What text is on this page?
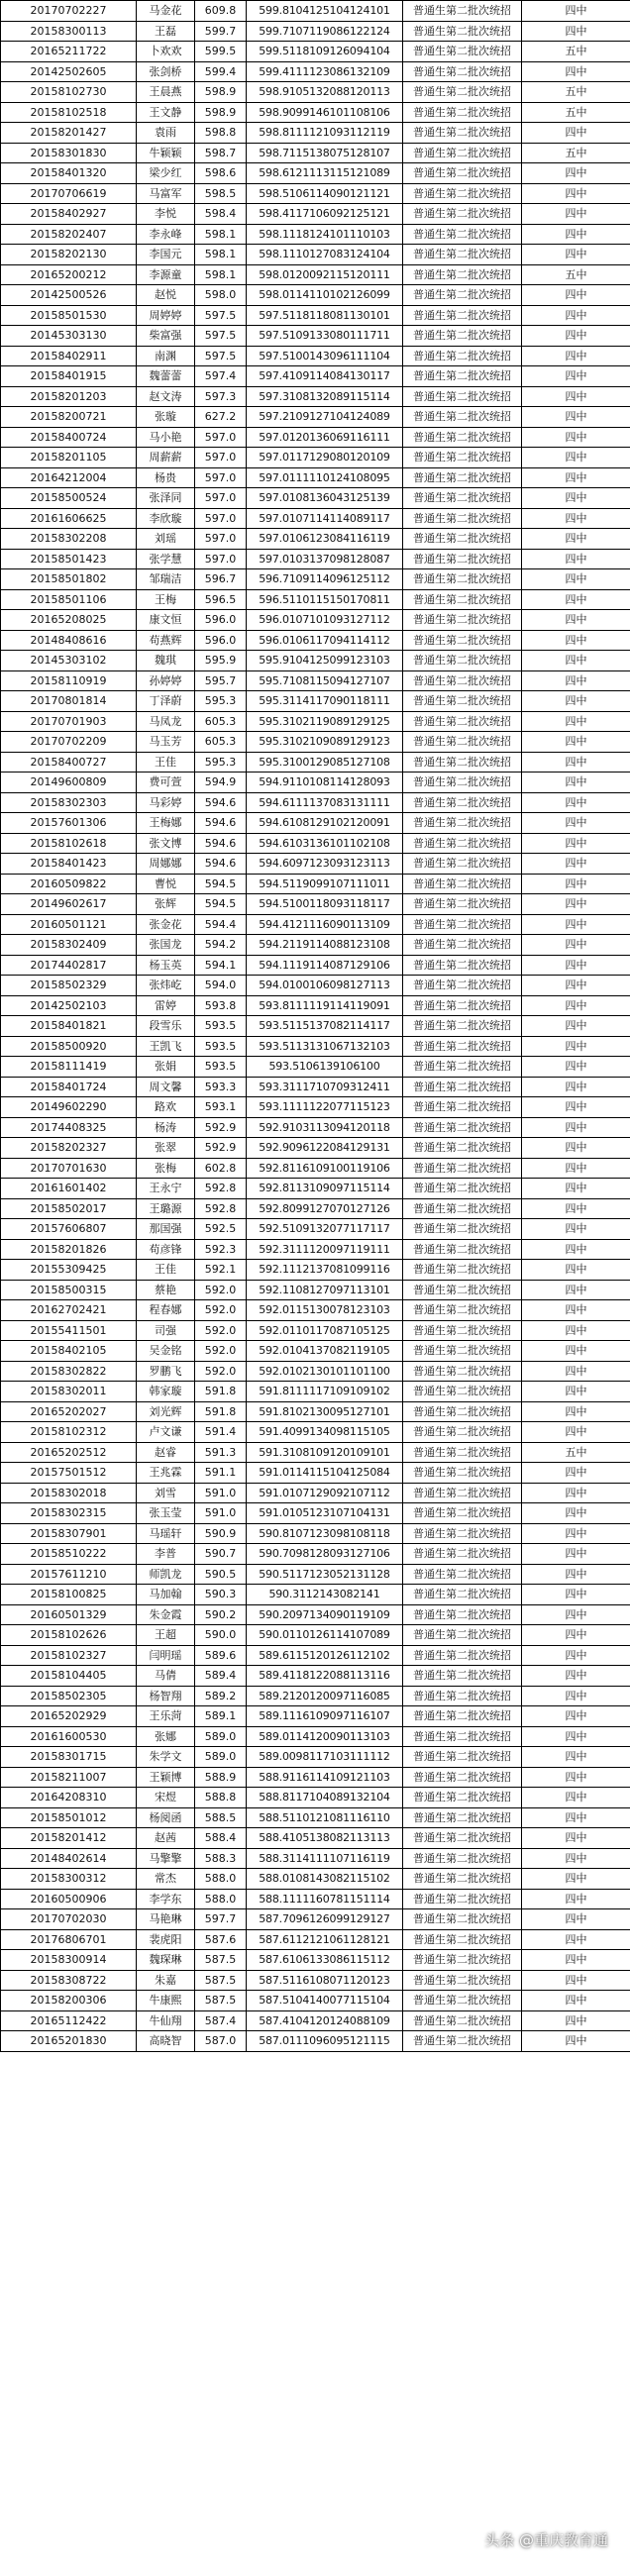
20170702227	马金花	609.8	599.8104125104124101	普通生第二批次统招	四中
20158300113	王磊	599.7	599.7107119086122124	普通生第二批次统招	四中
20165211722	卜欢欢	599.5	599.5118109126094104	普通生第二批次统招	五中
20142502605	张剑桥	599.4	599.4111123086132109	普通生第二批次统招	四中
20158102730	王晨燕	598.9	598.9105132088120113	普通生第二批次统招	五中
20158102518	王文静	598.9	598.9099146101108106	普通生第二批次统招	五中
20158201427	袁雨	598.8	598.8111121093112119	普通生第二批次统招	四中
20158301830	牛颖颖	598.7	598.7115138075128107	普通生第二批次统招	五中
20158401320	梁少红	598.6	598.6121113115121089	普通生第二批次统招	四中
20170706619	马富军	598.5	598.5106114090121121	普通生第二批次统招	四中
20158402927	李悦	598.4	598.4117106092125121	普通生第二批次统招	四中
20158202407	李永峰	598.1	598.1118124101110103	普通生第二批次统招	四中
20158202130	李国元	598.1	598.1110127083124104	普通生第二批次统招	四中
20165200212	李源童	598.1	598.0120092115120111	普通生第二批次统招	五中
20142500526	赵悦	598.0	598.0114110102126099	普通生第二批次统招	四中
20158501530	周婷婷	597.5	597.5118118081130101	普通生第二批次统招	四中
20145303130	柴富强	597.5	597.5109133080111711	普通生第二批次统招	四中
20158402911	南渊	597.5	597.5100143096111104	普通生第二批次统招	四中
20158401915	魏蕾蕾	597.4	597.4109114084130117	普通生第二批次统招	四中
20158201203	赵文涛	597.3	597.3108132089115114	普通生第二批次统招	四中
20158200721	张璇	627.2	597.2109127104124089	普通生第二批次统招	四中
20158400724	马小艳	597.0	597.0120136069116111	普通生第二批次统招	四中
20158201105	周薪薪	597.0	597.0117129080120109	普通生第二批次统招	四中
20164212004	杨贵	597.0	597.0111110124108095	普通生第二批次统招	四中
20158500524	张泽同	597.0	597.0108136043125139	普通生第二批次统招	四中
20161606625	李欣璇	597.0	597.0107114114089117	普通生第二批次统招	四中
20158302208	刘瑶	597.0	597.0106123084116119	普通生第二批次统招	四中
20158501423	张学慧	597.0	597.0103137098128087	普通生第二批次统招	四中
20158501802	邹瑞洁	596.7	596.7109114096125112	普通生第二批次统招	四中
20158501106	王梅	596.5	596.5110115150170811	普通生第二批次统招	四中
20165208025	康文恒	596.0	596.0107101093127112	普通生第二批次统招	四中
20148408616	苟燕辉	596.0	596.0106117094114112	普通生第二批次统招	四中
20145303102	魏琪	595.9	595.9104125099123103	普通生第二批次统招	四中
20158110919	孙婷婷	595.7	595.7108115094127107	普通生第二批次统招	四中
20170801814	丁泽蔚	595.3	595.3114117090118111	普通生第二批次统招	四中
20170701903	马凤龙	605.3	595.3102119089129125	普通生第二批次统招	四中
20170702209	马玉芳	605.3	595.3102109089129123	普通生第二批次统招	四中
20158400727	王佳	595.3	595.3100129085127108	普通生第二批次统招	四中
20149600809	费可萱	594.9	594.9110108114128093	普通生第二批次统招	四中
20158302303	马彩婷	594.6	594.6111137083131111	普通生第二批次统招	四中
20157601306	王梅娜	594.6	594.6108129102120091	普通生第二批次统招	四中
20158102618	张文博	594.6	594.6103136101102108	普通生第二批次统招	四中
20158401423	周娜娜	594.6	594.6097123093123113	普通生第二批次统招	四中
20160509822	曹悦	594.5	594.5119099107111011	普通生第二批次统招	四中
20149602617	张辉	594.5	594.5100118093118117	普通生第二批次统招	四中
20160501121	张金花	594.4	594.4121116090113109	普通生第二批次统招	四中
20158302409	张国龙	594.2	594.2119114088123108	普通生第二批次统招	四中
20174402817	杨玉英	594.1	594.1119114087129106	普通生第二批次统招	四中
20158502329	张炜屹	594.0	594.0100106098127113	普通生第二批次统招	四中
20142502103	雷婷	593.8	593.8111119114119091	普通生第二批次统招	四中
20158401821	段雪乐	593.5	593.5115137082114117	普通生第二批次统招	四中
20158500920	王凯飞	593.5	593.5113131067132103	普通生第二批次统招	四中
20158111419	张娟	593.5	593.5106139106100	普通生第二批次统招	四中
20158401724	周文馨	593.3	593.3111710709312411	普通生第二批次统招	四中
20149602290	路欢	593.1	593.1111122077115123	普通生第二批次统招	四中
20174408325	杨涛	592.9	592.9103113094120118	普通生第二批次统招	四中
20158202327	张翠	592.9	592.9096122084129131	普通生第二批次统招	四中
20170701630	张梅	602.8	592.8116109100119106	普通生第二批次统招	四中
20161601402	王永宁	592.8	592.8113109097115114	普通生第二批次统招	四中
20158502017	王璐源	592.8	592.8099127070127126	普通生第二批次统招	四中
20157606807	那国强	592.5	592.5109132077117117	普通生第二批次统招	四中
20158201826	苟彦锋	592.3	592.3111120097119111	普通生第二批次统招	四中
20155309425	王佳	592.1	592.1112137081099116	普通生第二批次统招	四中
20158500315	蔡艳	592.0	592.1108127097113101	普通生第二批次统招	四中
20162702421	程春娜	592.0	592.0115130078123103	普通生第二批次统招	四中
20155411501	司强	592.0	592.0110117087105125	普通生第二批次统招	四中
20158402105	吴金铭	592.0	592.0104137082119105	普通生第二批次统招	四中
20158302822	罗鹏飞	592.0	592.0102130101101100	普通生第二批次统招	四中
20158302011	韩家璇	591.8	591.8111117109109102	普通生第二批次统招	四中
20165202027	刘光辉	591.8	591.8102130095127101	普通生第二批次统招	四中
20158102312	卢文谦	591.4	591.4099134098115105	普通生第二批次统招	四中
20165202512	赵睿	591.3	591.3108109120109101	普通生第二批次统招	五中
20157501512	王兆霖	591.1	591.0114115104125084	普通生第二批次统招	四中
20158302018	刘雪	591.0	591.0107129092107112	普通生第二批次统招	四中
20158302315	张玉莹	591.0	591.0105123107104131	普通生第二批次统招	四中
20158307901	马瑶轩	590.9	590.8107123098108118	普通生第二批次统招	四中
20158510222	李普	590.7	590.7098128093127106	普通生第二批次统招	四中
20157611210	师凯龙	590.5	590.5117123052131128	普通生第二批次统招	四中
20158100825	马加翰	590.3	590.3112143082141	普通生第二批次统招	四中
20160501329	朱金霞	590.2	590.2097134090119109	普通生第二批次统招	四中
20158102626	王超	590.0	590.0110126114107089	普通生第二批次统招	四中
20158102327	闫明瑶	589.6	589.6115120126112102	普通生第二批次统招	四中
20158104405	马倩	589.4	589.4118122088113116	普通生第二批次统招	四中
20158502305	杨智翔	589.2	589.2120120097116085	普通生第二批次统招	四中
20165202929	王乐菏	589.1	589.1116109097116107	普通生第二批次统招	四中
20161600530	张娜	589.0	589.0114120090113103	普通生第二批次统招	四中
20158301715	朱学文	589.0	589.0098117103111112	普通生第二批次统招	四中
20158211007	王颖博	588.9	588.9116114109121103	普通生第二批次统招	四中
20164208310	宋煜	588.8	588.8117104089132104	普通生第二批次统招	四中
20158501012	杨阅函	588.5	588.5110121081116110	普通生第二批次统招	四中
20158201412	赵茜	588.4	588.4105138082113113	普通生第二批次统招	四中
20148402614	马擎擎	588.3	588.3114111107116119	普通生第二批次统招	四中
20158300312	常杰	588.0	588.0108143082115102	普通生第二批次统招	四中
20160500906	李学东	588.0	588.1111160781151114	普通生第二批次统招	四中
20170702030	马艳琳	597.7	587.7096126099129127	普通生第二批次统招	四中
20176806701	裴虎阳	587.6	587.6112121061128121	普通生第二批次统招	四中
20158300914	魏琛琳	587.5	587.6106133086115112	普通生第二批次统招	四中
20158308722	朱嘉	587.5	587.5116108071120123	普通生第二批次统招	四中
20158200306	牛康熙	587.5	587.5104140077115104	普通生第二批次统招	四中
20165112422	牛仙翔	587.4	587.4104120124088109	普通生第二批次统招	四中
20165201830	高晓智	587.0	587.0111096095121115	普通生第二批次统招	四中
头条 @重庆教育通
